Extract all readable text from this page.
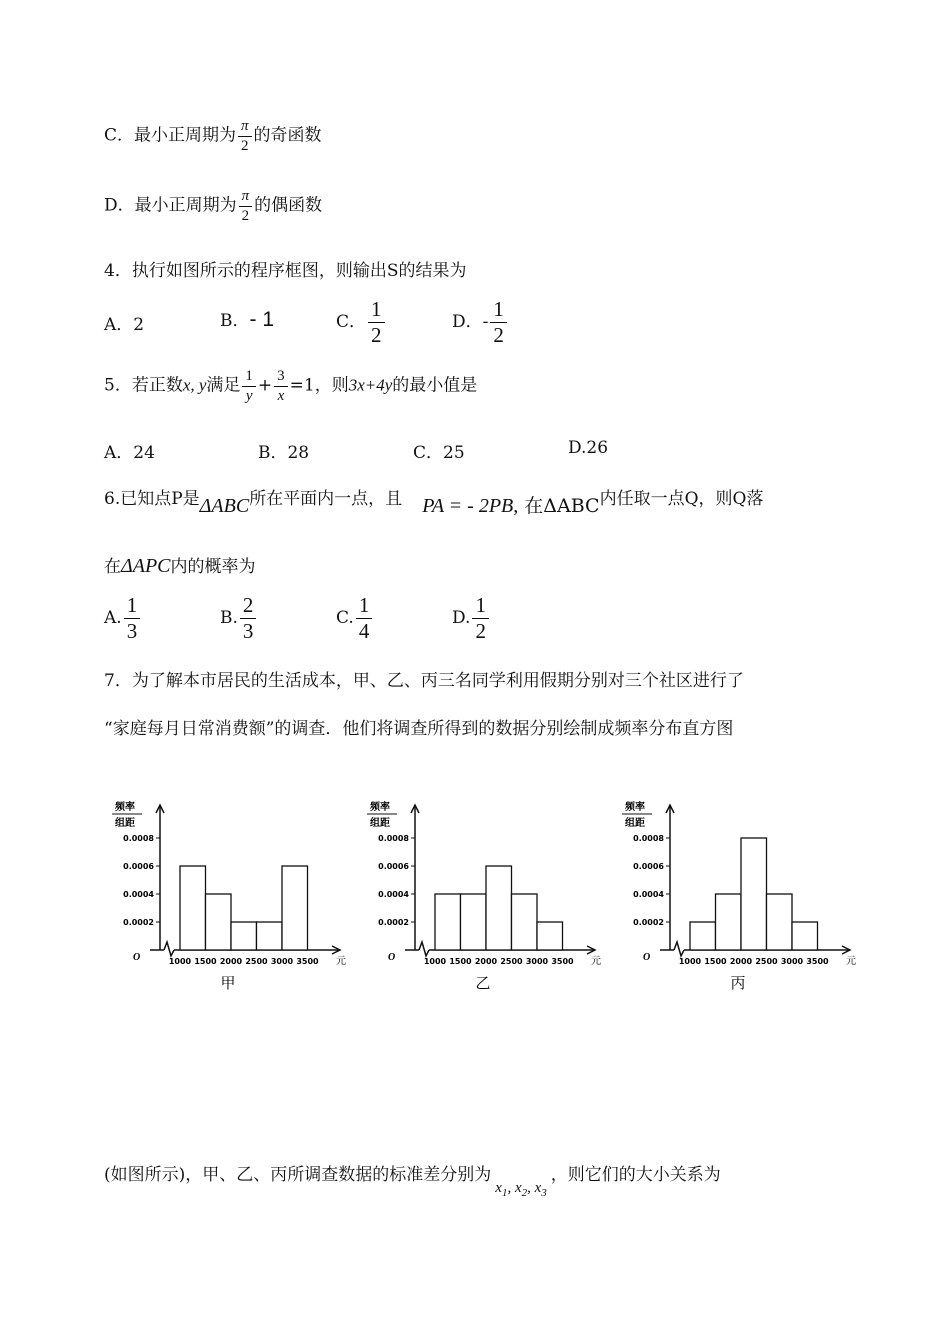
C．最小正周期为 $\frac{\pi}{2}$ 的奇函数
D．最小正周期为 $\frac{\pi}{2}$ 的偶函数
4．执行如图所示的程序框图，则输出S的结果为
A．2	B．- 1	C． $\frac{1}{2}$	D．- $\frac{1}{2}$
5．若正数x, y满足 $\frac{1}{y} + \frac{3}{x} =1$，则3x+4y的最小值是
A．24	B．28	C．25	D.26
6.已知点P是ΔABC所在平面内一点，且 PA = - 2PB, 在ΔABC内任取一点Q，则Q落
在ΔAPC内的概率为
A. $\frac{1}{3}$	B. $\frac{2}{3}$	C. $\frac{1}{4}$	D. $\frac{1}{2}$
7．为了解本市居民的生活成本，甲、乙、丙三名同学利用假期分别对三个社区进行了
“家庭每月日常消费额”的调查．他们将调查所得到的数据分别绘制成频率分布直方图
频率
组距
元
O
0.0002
0.0004
0.0006
0.0008
1000 1500 2000 2500 3000 3500
甲
频率
组距
元
O
0.0002
0.0004
0.0006
0.0008
1000 1500 2000 2500 3000 3500
乙
频率
组距
元
O
0.0002
0.0004
0.0006
0.0008
1000 1500 2000 2500 3000 3500
丙
(如图所示)，甲、乙、丙所调查数据的标准差分别为$x_1$, $x_2$, $x_3$，则它们的大小关系为
